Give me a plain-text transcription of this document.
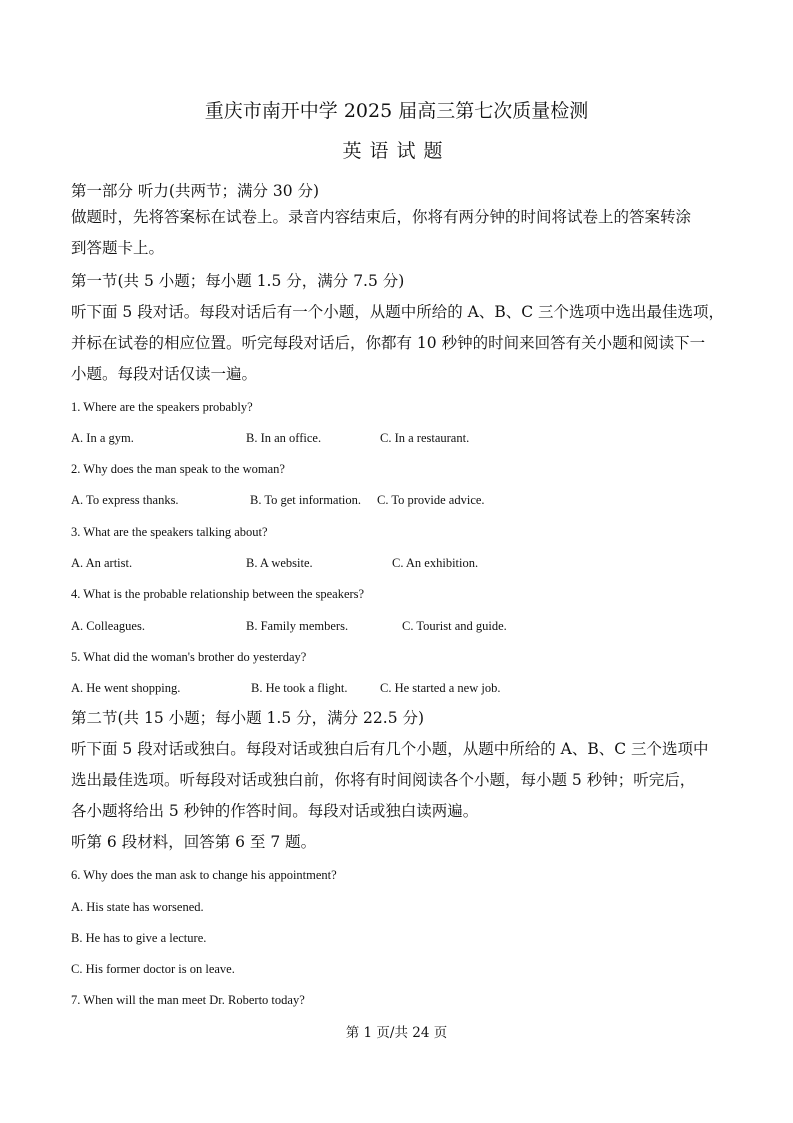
重庆市南开中学 2025 届高三第七次质量检测
英语试题
第一部分 听力(共两节；满分 30 分)
做题时，先将答案标在试卷上。录音内容结束后，你将有两分钟的时间将试卷上的答案转涂
到答题卡上。
第一节(共 5 小题；每小题 1.5 分，满分 7.5 分)
听下面 5 段对话。每段对话后有一个小题，从题中所给的 A、B、C 三个选项中选出最佳选项，
并标在试卷的相应位置。听完每段对话后，你都有 10 秒钟的时间来回答有关小题和阅读下一
小题。每段对话仅读一遍。
1. Where are the speakers probably?
A. In a gym.	B. In an office.	C. In a restaurant.
2. Why does the man speak to the woman?
A. To express thanks.	B. To get information. C. To provide advice.
3. What are the speakers talking about?
A. An artist.	B. A website.	C. An exhibition.
4. What is the probable relationship between the speakers?
A. Colleagues.	B. Family members.	C. Tourist and guide.
5. What did the woman's brother do yesterday?
A. He went shopping.	B. He took a flight.	C. He started a new job.
第二节(共 15 小题；每小题 1.5 分，满分 22.5 分)
听下面 5 段对话或独白。每段对话或独白后有几个小题，从题中所给的 A、B、C 三个选项中
选出最佳选项。听每段对话或独白前，你将有时间阅读各个小题，每小题 5 秒钟；听完后，
各小题将给出 5 秒钟的作答时间。每段对话或独白读两遍。
听第 6 段材料，回答第 6 至 7 题。
6. Why does the man ask to change his appointment?
A. His state has worsened.
B. He has to give a lecture.
C. His former doctor is on leave.
7. When will the man meet Dr. Roberto today?
第 1 页/共 24 页
